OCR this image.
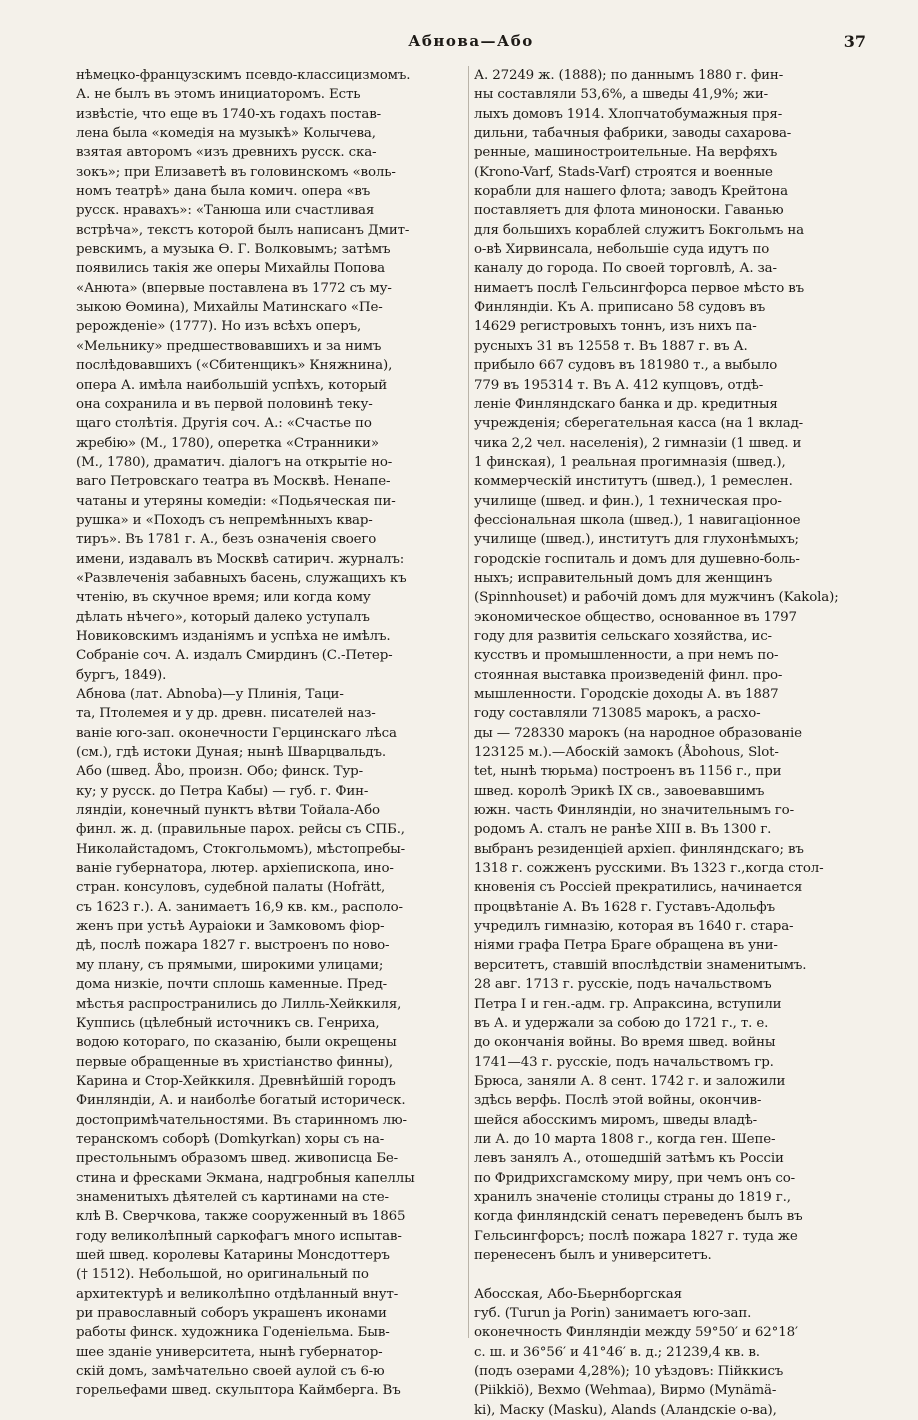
Абнова—Або	37
нѣмецко-французскимъ псевдо-классицизмомъ.
А. не былъ въ этомъ инициаторомъ. Есть
извѣстіе, что еще въ 1740-хъ годахъ постав-
лена была «комедія на музыкѣ» Колычева,
взятая авторомъ «изъ древнихъ русск. ска-
зокъ»; при Елизаветѣ въ головинскомъ «воль-
номъ театрѣ» дана была комич. опера «въ
русск. нравахъ»: «Танюша или счастливая
встрѣча», текстъ которой былъ написанъ Дмит-
ревскимъ, а музыка Ѳ. Г. Волковымъ; затѣмъ
появились такія же оперы Михайлы Попова
«Анюта» (впервые поставлена въ 1772 съ му-
зыкою Ѳомина), Михайлы Матинскаго «Пе-
рерожденіе» (1777). Но изъ всѣхъ оперъ,
«Мельнику» предшествовавшихъ и за нимъ
послѣдовавшихъ («Сбитенщикъ» Княжнина),
опера А. имѣла наибольшій успѣхъ, который
она сохранила и въ первой половинѣ теку-
щаго столѣтія. Другія соч. А.: «Счастье по
жребію» (М., 1780), оперетка «Странники»
(М., 1780), драматич. діалогъ на открытіе но-
ваго Петровскаго театра въ Москвѣ. Ненапе-
чатаны и утеряны комедіи: «Подьяческая пи-
рушка» и «Походъ съ непремѣнныхъ квар-
тиръ». Въ 1781 г. А., безъ означенія своего
имени, издавалъ въ Москвѣ сатирич. журналъ:
«Развлеченія забавныхъ басень, служащихъ къ
чтенію, въ скучное время; или когда кому
дѣлать нѣчего», который далеко уступалъ
Новиковскимъ изданіямъ и успѣха не имѣлъ.
Собраніе соч. А. издалъ Смирдинъ (С.-Петер-
бургъ, 1849).
Абнова (лат. Abnoba)—у Плинія, Таци-
та, Птолемея и у др. древн. писателей наз-
ваніе юго-зап. оконечности Герцинскаго лѣса
(см.), гдѣ истоки Дуная; нынѣ Шварцвальдъ.
Або (швед. Åbo, произн. Обо; финск. Тур-
ку; у русск. до Петра Кабы) — губ. г. Фин-
ляндіи, конечный пунктъ вѣтви Тойала-Або
финл. ж. д. (правильные парох. рейсы съ СПБ.,
Николайстадомъ, Стокгольмомъ), мѣстопребы-
ваніе губернатора, лютер. архіепископа, ино-
стран. консуловъ, судебной палаты (Hofrätt,
съ 1623 г.). А. занимаетъ 16,9 кв. км., располо-
женъ при устьѣ Аураіоки и Замковомъ фіор-
дѣ, послѣ пожара 1827 г. выстроенъ по ново-
му плану, съ прямыми, широкими улицами;
дома низкіе, почти сплошь каменные. Пред-
мѣстья распространились до Лилль-Хейккиля,
Куппись (цѣлебный источникъ св. Генриха,
водою котораго, по сказанію, были окрещены
первые обращенные въ христіанство финны),
Карина и Стор-Хейккиля. Древнѣйшій городъ
Финляндіи, А. и наиболѣе богатый историческ.
достопримѣчательностями. Въ старинномъ лю-
теранскомъ соборѣ (Domkyrkan) хоры съ на-
престольнымъ образомъ швед. живописца Бе-
стина и фресками Экмана, надгробныя капеллы
знаменитыхъ дѣятелей съ картинами на сте-
клѣ В. Сверчкова, также сооруженный въ 1865
году великолѣпный саркофагъ много испытав-
шей швед. королевы Катарины Монсдоттеръ
(† 1512). Небольшой, но оригинальный по
архитектурѣ и великолѣпно отдѣланный внут-
ри православный соборъ украшенъ иконами
работы финск. художника Годеніельма. Быв-
шее зданіе университета, нынѣ губернатор-
скій домъ, замѣчательно своей аулой съ 6-ю
горельефами швед. скульптора Каймберга. Въ
А. 27249 ж. (1888); по даннымъ 1880 г. фин-
ны составляли 53,6%, а шведы 41,9%; жи-
лыхъ домовъ 1914. Хлопчатобумажныя пря-
дильни, табачныя фабрики, заводы сахарова-
ренные, машиностроительные. На верфяхъ
(Krono-Varf, Stads-Varf) строятся и военные
корабли для нашего флота; заводъ Крейтона
поставляетъ для флота миноноски. Гаванью
для большихъ кораблей служитъ Бокгольмъ на
о-вѣ Хирвинсала, небольшіе суда идутъ по
каналу до города. По своей торговлѣ, А. за-
нимаетъ послѣ Гельсингфорса первое мѣсто въ
Финляндіи. Къ А. приписано 58 судовъ въ
14629 регистровыхъ тоннъ, изъ нихъ па-
русныхъ 31 въ 12558 т. Въ 1887 г. въ А.
прибыло 667 судовъ въ 181980 т., а выбыло
779 въ 195314 т. Въ А. 412 купцовъ, отдѣ-
леніе Финляндскаго банка и др. кредитныя
учрежденія; сберегательная касса (на 1 вклад-
чика 2,2 чел. населенія), 2 гимназіи (1 швед. и
1 финская), 1 реальная прогимназія (швед.),
коммерческій институтъ (швед.), 1 ремеслен.
училище (швед. и фин.), 1 техническая про-
фессіональная школа (швед.), 1 навигаціонное
училище (швед.), институтъ для глухонѣмыхъ;
городскіе госпиталь и домъ для душевно-боль-
ныхъ; исправительный домъ для женщинъ
(Spinnhouset) и рабочій домъ для мужчинъ (Kakola);
экономическое общество, основанное въ 1797
году для развитія сельскаго хозяйства, ис-
кусствъ и промышленности, а при немъ по-
стоянная выставка произведеній финл. про-
мышленности. Городскіе доходы А. въ 1887
году составляли 713085 марокъ, а расхо-
ды — 728330 марокъ (на народное образованіе
123125 м.).—Абоскій замокъ (Åbohous, Slot-
tet, нынѣ тюрьма) построенъ въ 1156 г., при
швед. королѣ Эрикѣ IX св., завоевавшимъ
южн. часть Финляндіи, но значительнымъ го-
родомъ А. сталъ не ранѣе XIII в. Въ 1300 г.
выбранъ резиденціей архіеп. финляндскаго; въ
1318 г. сожженъ русскими. Въ 1323 г.,когда стол-
кновенія съ Россіей прекратились, начинается
процвѣтаніе А. Въ 1628 г. Густавъ-Адольфъ
учредилъ гимназію, которая въ 1640 г. стара-
ніями графа Петра Браге обращена въ уни-
верситетъ, ставшій впослѣдствіи знаменитымъ.
28 авг. 1713 г. русскіе, подъ начальствомъ
Петра I и ген.-адм. гр. Апраксина, вступили
въ А. и удержали за собою до 1721 г., т. е.
до окончанія войны. Во время швед. войны
1741—43 г. русскіе, подъ начальствомъ гр.
Брюса, заняли А. 8 сент. 1742 г. и заложили
здѣсь верфь. Послѣ этой войны, окончив-
шейся абосскимъ миромъ, шведы владѣ-
ли А. до 10 марта 1808 г., когда ген. Шепе-
левъ занялъ А., отошедшій затѣмъ къ Россіи
по Фридрихсгамскому миру, при чемъ онъ со-
хранилъ значеніе столицы страны до 1819 г.,
когда финляндскій сенатъ переведенъ былъ въ
Гельсингфорсъ; послѣ пожара 1827 г. туда же
перенесенъ былъ и университетъ.
Абосская, Або-Бьернборгская
губ. (Turun ja Porin) занимаетъ юго-зап.
оконечность Финляндіи между 59°50′ и 62°18′
с. ш. и 36°56′ и 41°46′ в. д.; 21239,4 кв. в.
(подъ озерами 4,28%); 10 уѣздовъ: Пійккисъ
(Piikkiö), Вехмо (Wehmaa), Вирмо (Mynämä-
ki), Маску (Masku), Alands (Аландскіе о-ва),
